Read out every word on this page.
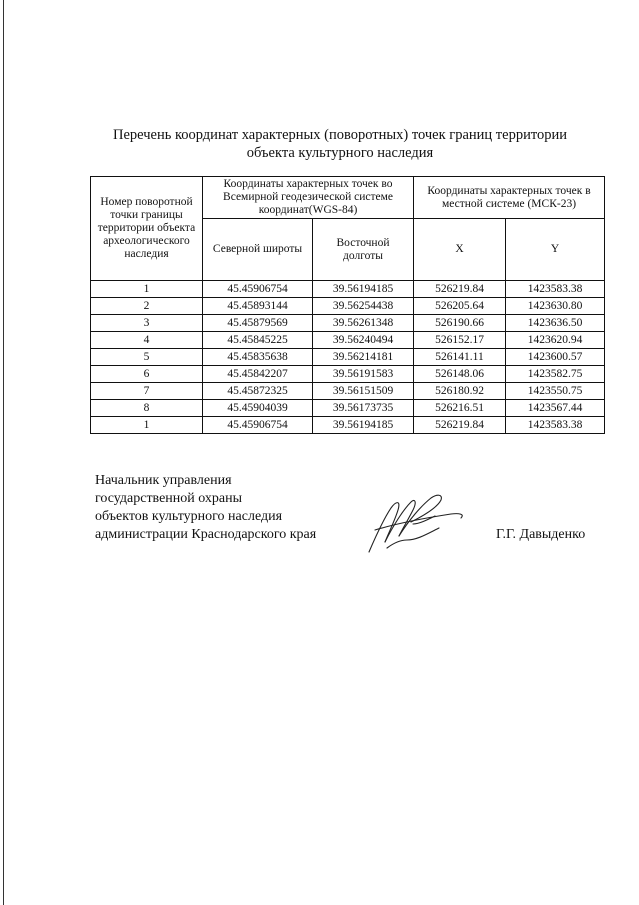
Перечень координат характерных (поворотных) точек границ территории
объекта культурного наследия
Номер поворотной точки границы территории объекта археологического наследия	Координаты характерных точек во Всемирной геодезической системе координат(WGS-84)		Координаты характерных точек в местной системе (МСК-23)	
	Северной широты	Восточной долготы	X	Y
1	45.45906754	39.56194185	526219.84	1423583.38
2	45.45893144	39.56254438	526205.64	1423630.80
3	45.45879569	39.56261348	526190.66	1423636.50
4	45.45845225	39.56240494	526152.17	1423620.94
5	45.45835638	39.56214181	526141.11	1423600.57
6	45.45842207	39.56191583	526148.06	1423582.75
7	45.45872325	39.56151509	526180.92	1423550.75
8	45.45904039	39.56173735	526216.51	1423567.44
1	45.45906754	39.56194185	526219.84	1423583.38
Начальник управления
государственной охраны
объектов культурного наследия
администрации Краснодарского края	Г.Г. Давыденко
